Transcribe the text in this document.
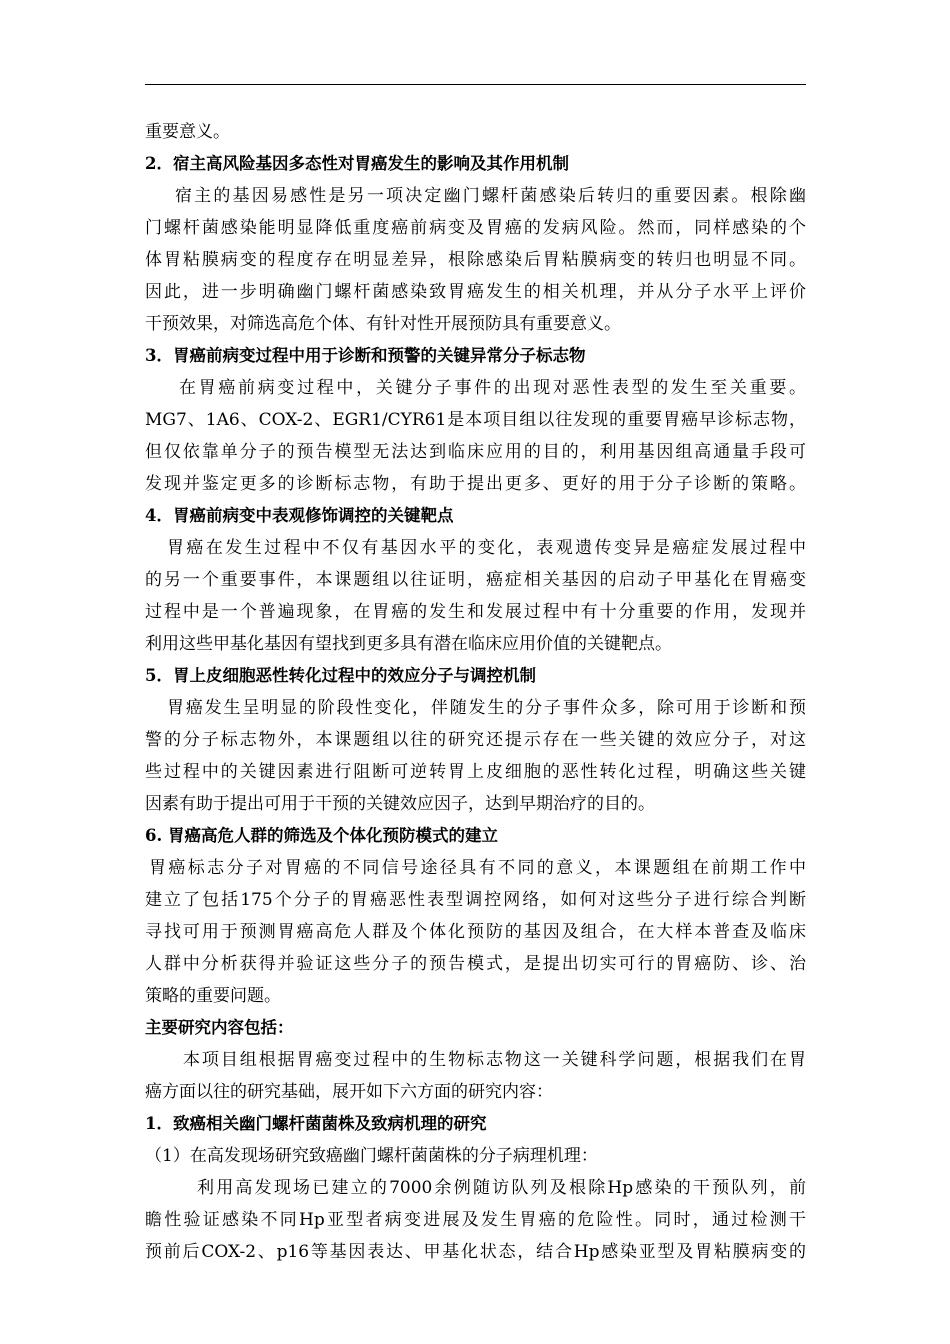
重要意义。
2．宿主高风险基因多态性对胃癌发生的影响及其作用机制
宿主的基因易感性是另一项决定幽门螺杆菌感染后转归的重要因素。根除幽
门螺杆菌感染能明显降低重度癌前病变及胃癌的发病风险。然而，同样感染的个
体胃粘膜病变的程度存在明显差异，根除感染后胃粘膜病变的转归也明显不同。
因此，进一步明确幽门螺杆菌感染致胃癌发生的相关机理，并从分子水平上评价
干预效果，对筛选高危个体、有针对性开展预防具有重要意义。
3．胃癌前病变过程中用于诊断和预警的关键异常分子标志物
在胃癌前病变过程中，关键分子事件的出现对恶性表型的发生至关重要。
MG7、1A6、COX-2、EGR1/CYR61是本项目组以往发现的重要胃癌早诊标志物，
但仅依靠单分子的预告模型无法达到临床应用的目的，利用基因组高通量手段可
发现并鉴定更多的诊断标志物，有助于提出更多、更好的用于分子诊断的策略。
4．胃癌前病变中表观修饰调控的关键靶点
胃癌在发生过程中不仅有基因水平的变化，表观遗传变异是癌症发展过程中
的另一个重要事件，本课题组以往证明，癌症相关基因的启动子甲基化在胃癌变
过程中是一个普遍现象，在胃癌的发生和发展过程中有十分重要的作用，发现并
利用这些甲基化基因有望找到更多具有潜在临床应用价值的关键靶点。
5．胃上皮细胞恶性转化过程中的效应分子与调控机制
胃癌发生呈明显的阶段性变化，伴随发生的分子事件众多，除可用于诊断和预
警的分子标志物外，本课题组以往的研究还提示存在一些关键的效应分子，对这
些过程中的关键因素进行阻断可逆转胃上皮细胞的恶性转化过程，明确这些关键
因素有助于提出可用于干预的关键效应因子，达到早期治疗的目的。
6. 胃癌高危人群的筛选及个体化预防模式的建立
胃癌标志分子对胃癌的不同信号途径具有不同的意义，本课题组在前期工作中
建立了包括175个分子的胃癌恶性表型调控网络，如何对这些分子进行综合判断
寻找可用于预测胃癌高危人群及个体化预防的基因及组合，在大样本普查及临床
人群中分析获得并验证这些分子的预告模式，是提出切实可行的胃癌防、诊、治
策略的重要问题。
主要研究内容包括：
本项目组根据胃癌变过程中的生物标志物这一关键科学问题，根据我们在胃
癌方面以往的研究基础，展开如下六方面的研究内容：
1．致癌相关幽门螺杆菌菌株及致病机理的研究
（1）在高发现场研究致癌幽门螺杆菌菌株的分子病理机理：
利用高发现场已建立的7000余例随访队列及根除Hp感染的干预队列，前
瞻性验证感染不同Hp亚型者病变进展及发生胃癌的危险性。同时，通过检测干
预前后COX-2、p16等基因表达、甲基化状态，结合Hp感染亚型及胃粘膜病变的
